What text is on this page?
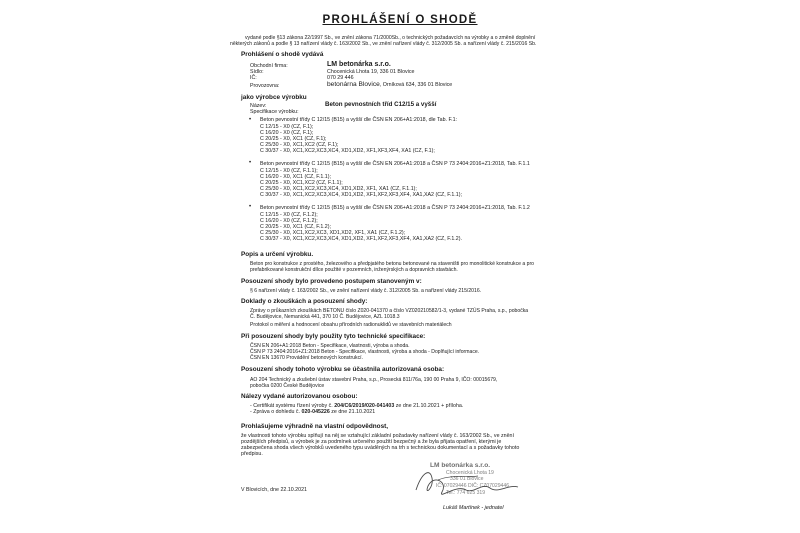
PROHLÁŠENÍ O SHODĚ
vydané podle §13 zákona 22/1997 Sb., ve znění zákona 71/2000Sb., o technických požadavcích na výrobky a o změně doplnění
některých zákonů a podle § 13 nařízení vlády č. 163/2002 Sb., ve znění nařízení vlády č. 312/2005 Sb. a nařízení vlády č. 215/2016 Sb.
Prohlášení o shodě vydává
Obchodní firma:	LM betonárka s.r.o.
Sídlo:	Chocenická Lhota 19, 336 01 Blovice
IČ:	070 29 446
Provozovna:	betonárna Blovice, Orníková 634, 336 01 Blovice
jako výrobce výrobku
Název:	Beton pevnostních tříd C12/15 a vyšší
Specifikace výrobku:
• Beton pevnostní třídy C 12/15 (B15) a vyšší dle ČSN EN 206+A1:2018, dle Tab. F.1:
C 12/15 - X0 (CZ, F.1);
C 16/20 - X0 (CZ, F.1);
C 20/25 - X0, XC1 (CZ, F.1);
C 25/30 - X0, XC1,XC2 (CZ, F.1);
C 30/37 - X0, XC1,XC2,XC3,XC4, XD1,XD2, XF1,XF3,XF4, XA1 (CZ, F.1);
• Beton pevnostní třídy C 12/15 (B15) a vyšší dle ČSN EN 206+A1:2018 a ČSN P 73 2404:2016+Z1:2018, Tab. F.1.1
C 12/15 - X0 (CZ, F.1.1);
C 16/20 - X0, XC1 (CZ, F.1.1);
C 20/25 - X0, XC1,XC2 (CZ, F.1.1);
C 25/30 - X0, XC1,XC2,XC3,XC4, XD1,XD2, XF1, XA1 (CZ, F.1.1);
C 30/37 - X0, XC1,XC2,XC3,XC4, XD1,XD2, XF1,XF2,XF3,XF4, XA1,XA2 (CZ, F.1.1);
• Beton pevnostní třídy C 12/15 (B15) a vyšší dle ČSN EN 206+A1:2018 a ČSN P 73 2404:2016+Z1:2018, Tab. F.1.2
C 12/15 - X0 (CZ, F.1.2);
C 16/20 - X0 (CZ, F.1.2);
C 20/25 - X0, XC1 (CZ, F.1.2);
C 25/30 - X0, XC1,XC2,XC3, XD1,XD2, XF1, XA1 (CZ, F.1.2);
C 30/37 - X0, XC1,XC2,XC3,XC4, XD1,XD2, XF1,XF2,XF3,XF4, XA1,XA2 (CZ, F.1.2).
Popis a určení výrobku.
Beton pro konstrukce z prostého, železového a předpjatého betonu betonované na staveništi pro monolitické konstrukce a pro
prefabrikované konstrukční dílce použité v pozemních, inženýrských a dopravních stavbách.
Posouzení shody bylo provedeno postupem stanoveným v:
§ 6 nařízení vlády č. 163/2002 Sb., ve znění nařízení vlády č. 312/2005 Sb. a nařízení vlády 215/2016.
Doklady o zkouškách a posouzení shody:
Zprávy o průkazních zkouškách BETONU číslo Z020-041370 a číslo VZ020210582/1-3, vydané TZÚS Praha, s.p., pobočka
Č. Budějovice, Nemanická 441, 370 10 Č. Budějovice, AZL 1018.3
Protokol o měření a hodnocení obsahu přírodních radionuklidů ve stavebních materiálech
Při posouzení shody byly použity tyto technické specifikace:
ČSN EN 206+A1:2018 Beton - Specifikace, vlastnosti, výroba a shoda.
ČSN P 73 2404:2016+Z1:2018 Beton - Specifikace, vlastnosti, výroba a shoda - Doplňující informace.
ČSN EN 13670 Provádění betonových konstrukcí.
Posouzení shody tohoto výrobku se účastnila autorizovaná osoba:
AO 204 Technický a zkušební ústav stavební Praha, s.p., Prosecká 811/76a, 190 00 Praha 9, IČO: 00015679,
pobočka 0200 České Budějovice
Nálezy vydané autorizovanou osobou:
- Certifikát systému řízení výroby č. 204/C6/2019/020-041403 ze dne 21.10.2021 + příloha.
- Zpráva o dohledu č. 020-045226 ze dne 21.10.2021
Prohlašujeme výhradně na vlastní odpovědnost,
že vlastnosti tohoto výrobku splňují na něj se vztahující základní požadavky nařízení vlády č. 163/2002 Sb., ve znění
pozdějších předpisů, a výrobek je za podmínek určeného použití bezpečný a že byla přijata opatření, kterými je
zabezpečena shoda všech výrobků uvedeného typu uváděných na trh s technickou dokumentací a s požadavky tohoto
předpisu.
V Blovicích, dne 22.10.2021
LM betonárka s.r.o.
Chocenická Lhota 19
336 01 Blovice
IČ: 07029446 DIČ: CZ07029446
Tel.: 774 625 319
Lukáš Martínek - jednatel
